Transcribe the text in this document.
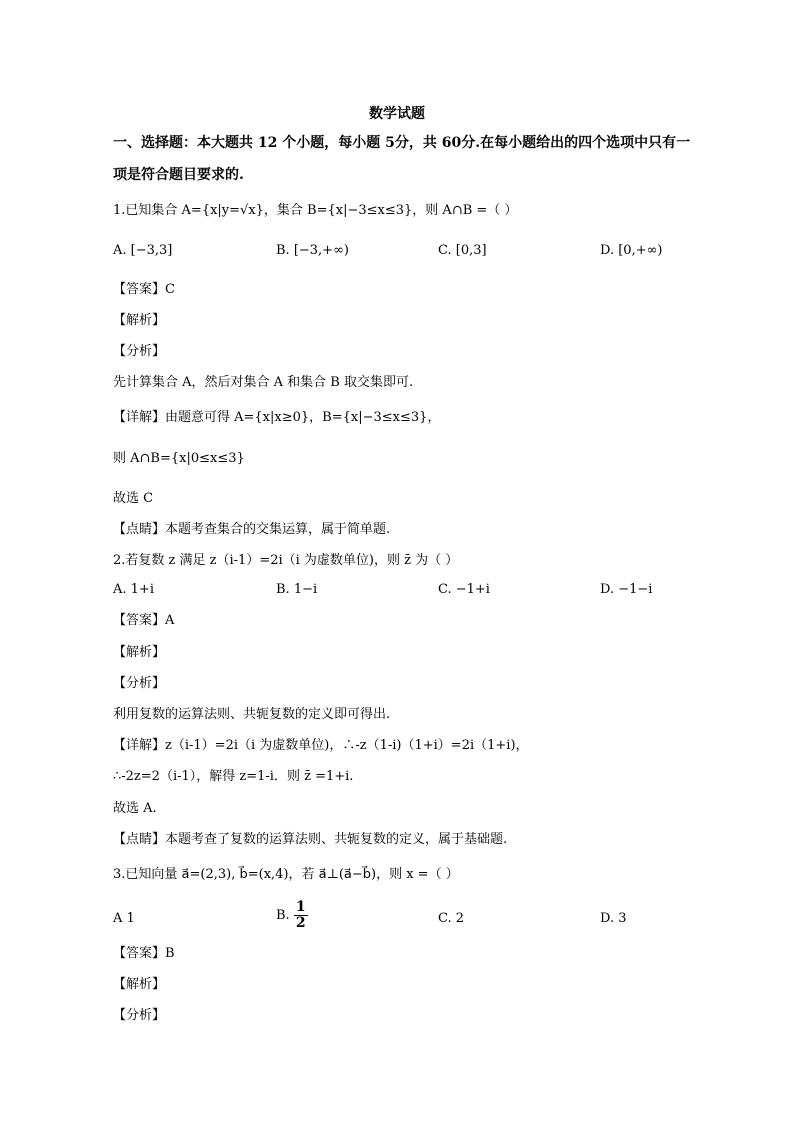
数学试题
一、选择题：本大题共 12 个小题，每小题 5分，共 60分.在每小题给出的四个选项中只有一
项是符合题目要求的.
1.已知集合 A={x|y=√x}，集合 B={x|−3≤x≤3}，则 A∩B =（ ）
A. [−3,3]	B. [−3,+∞)	C. [0,3]	D. [0,+∞)
【答案】C
【解析】
【分析】
先计算集合 A，然后对集合 A 和集合 B 取交集即可.
【详解】由题意可得 A={x|x≥0}，B={x|−3≤x≤3}，
则 A∩B={x|0≤x≤3}
故选 C
【点睛】本题考查集合的交集运算，属于简单题.
2.若复数 z 满足 z（i-1）=2i（i 为虚数单位)，则 z̄ 为（ ）
A. 1+i	B. 1−i	C. −1+i	D. −1−i
【答案】A
【解析】
【分析】
利用复数的运算法则、共轭复数的定义即可得出.
【详解】z（i-1）=2i（i 为虚数单位)，∴-z（1-i)（1+i）=2i（1+i)，
∴-2z=2（i-1），解得 z=1-i．则 z̄ =1+i.
故选 A.
【点睛】本题考查了复数的运算法则、共轭复数的定义，属于基础题.
3.已知向量 a⃗=(2,3), b⃗=(x,4)，若 a⃗⊥(a⃗−b⃗)，则 x =（ ）
A 1	B. $\frac{1}{2}$	C. 2	D. 3
【答案】B
【解析】
【分析】
